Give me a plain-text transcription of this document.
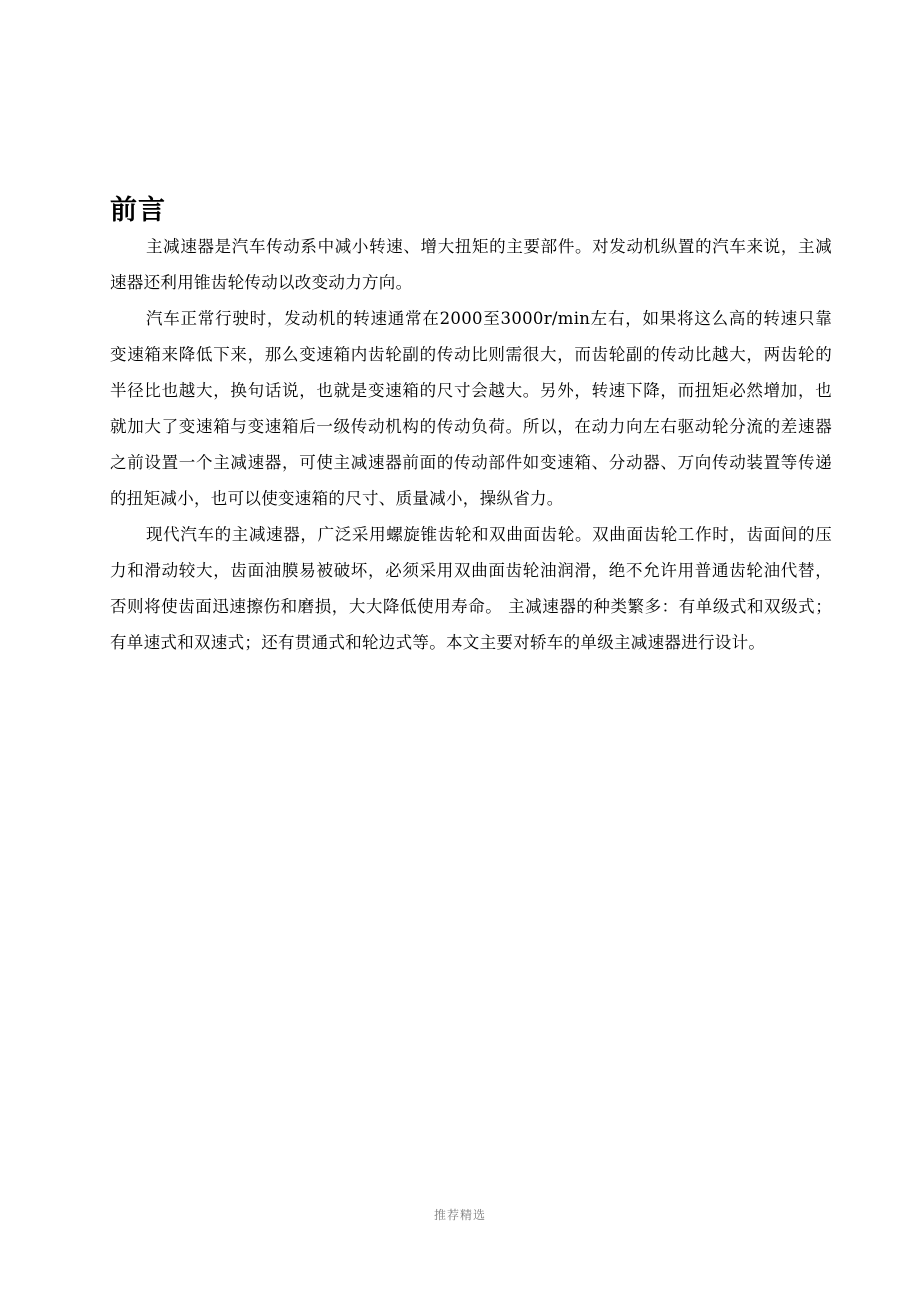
前言

主减速器是汽车传动系中减小转速、增大扭矩的主要部件。对发动机纵置的汽车来说，主减速器还利用锥齿轮传动以改变动力方向。

汽车正常行驶时，发动机的转速通常在2000至3000r/min左右，如果将这么高的转速只靠变速箱来降低下来，那么变速箱内齿轮副的传动比则需很大，而齿轮副的传动比越大，两齿轮的半径比也越大，换句话说，也就是变速箱的尺寸会越大。另外，转速下降，而扭矩必然增加，也就加大了变速箱与变速箱后一级传动机构的传动负荷。所以，在动力向左右驱动轮分流的差速器之前设置一个主减速器，可使主减速器前面的传动部件如变速箱、分动器、万向传动装置等传递的扭矩减小，也可以使变速箱的尺寸、质量减小，操纵省力。

现代汽车的主减速器，广泛采用螺旋锥齿轮和双曲面齿轮。双曲面齿轮工作时，齿面间的压力和滑动较大，齿面油膜易被破坏，必须采用双曲面齿轮油润滑，绝不允许用普通齿轮油代替，否则将使齿面迅速擦伤和磨损，大大降低使用寿命。 主减速器的种类繁多：有单级式和双级式；有单速式和双速式；还有贯通式和轮边式等。本文主要对轿车的单级主减速器进行设计。

推荐精选
